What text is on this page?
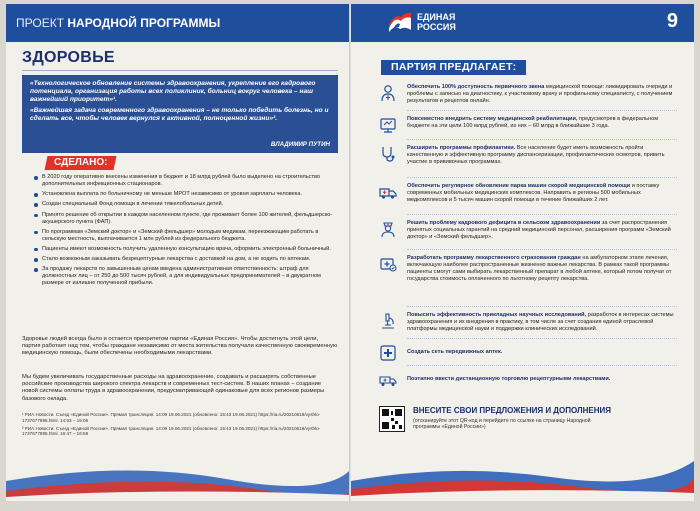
ПРОЕКТ НАРОДНОЙ ПРОГРАММЫ
ЗДОРОВЬЕ

«Технологическое обновление системы здравоохранения, укрепление его кадрового потенциала, организация работы всех поликлиник, больниц вокруг человека – наш важнейший приоритет»¹.

«Важнейшая задача современного здравоохранения – не только победить болезнь, но и сделать все, чтобы человек вернулся к активной, полноценной жизни»².

ВЛАДИМИР ПУТИН
СДЕЛАНО:
В 2020 году оперативно внесены изменения в бюджет и 18 млрд рублей было выделено на строительство дополнительных инфекционных стационаров.
Установлена выплата по больничному не меньше МРОТ независимо от уровня зарплаты человека.
Создан специальный Фонд помощи в лечении тяжелобольных детей.
Принято решение об открытии в каждом населенном пункте, где проживает более 100 жителей, фельдшерско-акушерского пункта (ФАП).
По программам «Земский доктор» и «Земский фельдшер» молодым медикам, переезжающим работать в сельскую местность, выплачивается 1 млн рублей из федерального бюджета.
Пациенты имеют возможность получить удаленную консультацию врача, оформить электронный больничный.
Стало возможным заказывать безрецептурные лекарства с доставкой на дом, а не ходить по аптекам.
За продажу лекарств по завышенным ценам введена административная ответственность: штраф для должностных лиц – от 250 до 500 тысяч рублей, а для индивидуальных предпринимателей – в двукратном размере от излишне полученной прибыли.

Здоровье людей всегда было и остается приоритетом партии «Единая Россия». Чтобы достигнуть этой цели, партия работает над тем, чтобы граждане независимо от места жительства получали качественную своевременную медицинскую помощь, были обеспечены необходимыми лекарствами.

Мы будем увеличивать государственные расходы на здравоохранение, создавать и расширять собственные российские производства широкого спектра лекарств и современных тест-систем. В наших планах – создание новой системы оплаты труда в здравоохранении, предусматривающей одинаковые для всех регионов размеры базового оклада.

¹ РИА Новости. Съезд «Единой России». Прямая трансляция. 14:09 19.06.2021 (обновлено: 15:43 19.06.2021) https://ria.ru/20210619/vyshlo-1737677895.html. 14:53 – 15:06
² РИА Новости. Съезд «Единой России». Прямая трансляция. 14:09 19.06.2021 (обновлено: 15:43 19.06.2021) https://ria.ru/20210619/vyshlo-1737677895.html. 16:47 – 16:58
ЕДИНАЯ
РОССИЯ	9
ПАРТИЯ ПРЕДЛАГАЕТ:
Обеспечить 100% доступность первичного звена медицинской помощи: ликвидировать очереди и проблемы с записью на диагностику, к участковому врачу и профильному специалисту, с получением результатов и рецептов онлайн.
Повсеместно внедрить систему медицинской реабилитации, предусмотрев в федеральном бюджете на эти цели 100 млрд рублей, из них – 60 млрд в ближайшие 3 года.
Расширить программы профилактики. Все население будет иметь возможность пройти качественную и эффективную программу диспансеризации, профилактических осмотров, привить участие в прививочных программах.
Обеспечить регулярное обновление парка машин скорой медицинской помощи и поставку современных мобильных медицинских комплексов. Направить в регионы 500 мобильных медкомплексов и 5 тысяч машин скорой помощи в течение ближайших 2 лет.
Решить проблему кадрового дефицита в сельском здравоохранении за счет распространения принятых социальных гарантий на средний медицинский персонал, расширения программ «Земский доктор» и «Земский фельдшер».
Разработать программу лекарственного страхования граждан на амбулаторном этапе лечения, включающую наиболее распространенные жизненно важные лекарства. В рамках такой программы пациенты смогут сами выбирать лекарственный препарат в любой аптеке, который потом получат от государства стоимость оплаченного по льготному рецепту лекарства.
Повысить эффективность прикладных научных исследований, разработок в интересах системы здравоохранения и их внедрения в практику, в том числе за счет создания единой отраслевой платформы медицинской науки и поддержки клинических исследований.
Создать сеть передвижных аптек.
Поэтапно ввести дистанционную торговлю рецептурными лекарствами.
ВНЕСИТЕ СВОИ ПРЕДЛОЖЕНИЯ И ДОПОЛНЕНИЯ
(отсканируйте этот QR-код и перейдите по ссылке на страницу Народной программы «Единой России»)
